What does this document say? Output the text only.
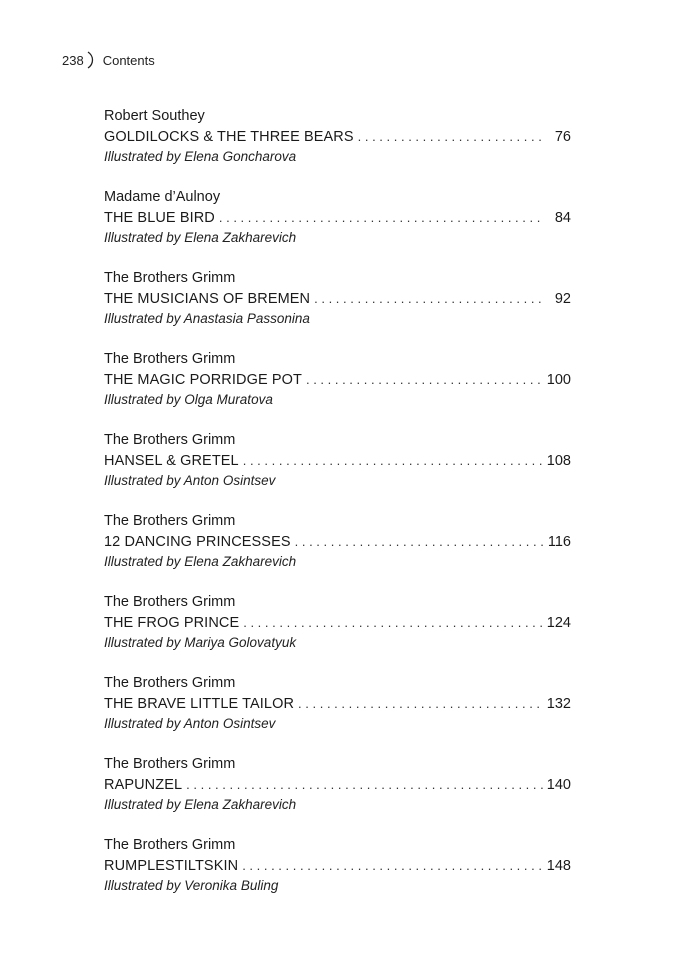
238 Contents
Robert Southey
GOLDILOCKS & THE THREE BEARS . . .	76
Illustrated by Elena Goncharova
Madame d’Aulnoy
THE BLUE BIRD . . .	84
Illustrated by Elena Zakharevich
The Brothers Grimm
THE MUSICIANS OF BREMEN . . .	92
Illustrated by Anastasia Passonina
The Brothers Grimm
THE MAGIC PORRIDGE POT . . .	100
Illustrated by Olga Muratova
The Brothers Grimm
HANSEL & GRETEL . . .	108
Illustrated by Anton Osintsev
The Brothers Grimm
12 DANCING PRINCESSES . . .	116
Illustrated by Elena Zakharevich
The Brothers Grimm
THE FROG PRINCE . . .	124
Illustrated by Mariya Golovatyuk
The Brothers Grimm
THE BRAVE LITTLE TAILOR . . .	132
Illustrated by Anton Osintsev
The Brothers Grimm
RAPUNZEL . . .	140
Illustrated by Elena Zakharevich
The Brothers Grimm
RUMPLESTILTSKIN . . .	148
Illustrated by Veronika Buling
